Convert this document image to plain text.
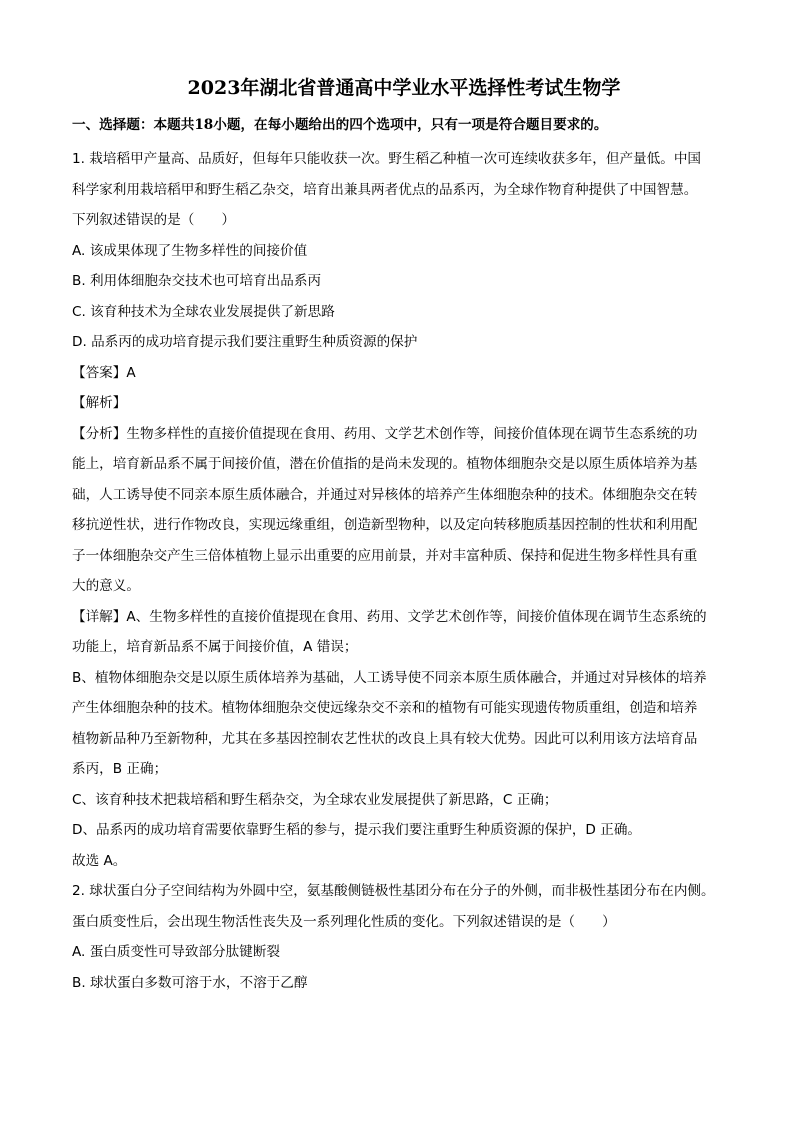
2023年湖北省普通高中学业水平选择性考试生物学
一、选择题：本题共18小题，在每小题给出的四个选项中，只有一项是符合题目要求的。
1. 栽培稻甲产量高、品质好，但每年只能收获一次。野生稻乙种植一次可连续收获多年，但产量低。中国
科学家利用栽培稻甲和野生稻乙杂交，培育出兼具两者优点的品系丙，为全球作物育种提供了中国智慧。
下列叙述错误的是（　　）
A. 该成果体现了生物多样性的间接价值
B. 利用体细胞杂交技术也可培育出品系丙
C. 该育种技术为全球农业发展提供了新思路
D. 品系丙的成功培育提示我们要注重野生种质资源的保护
【答案】A
【解析】
【分析】生物多样性的直接价值提现在食用、药用、文学艺术创作等，间接价值体现在调节生态系统的功
能上，培育新品系不属于间接价值，潜在价值指的是尚未发现的。植物体细胞杂交是以原生质体培养为基
础，人工诱导使不同亲本原生质体融合，并通过对异核体的培养产生体细胞杂种的技术。体细胞杂交在转
移抗逆性状，进行作物改良，实现远缘重组，创造新型物种，以及定向转移胞质基因控制的性状和利用配
子一体细胞杂交产生三倍体植物上显示出重要的应用前景，并对丰富种质、保持和促进生物多样性具有重
大的意义。
【详解】A、生物多样性的直接价值提现在食用、药用、文学艺术创作等，间接价值体现在调节生态系统的
功能上，培育新品系不属于间接价值，A 错误；
B、植物体细胞杂交是以原生质体培养为基础，人工诱导使不同亲本原生质体融合，并通过对异核体的培养
产生体细胞杂种的技术。植物体细胞杂交使远缘杂交不亲和的植物有可能实现遗传物质重组，创造和培养
植物新品种乃至新物种，尤其在多基因控制农艺性状的改良上具有较大优势。因此可以利用该方法培育品
系丙，B 正确；
C、该育种技术把栽培稻和野生稻杂交，为全球农业发展提供了新思路，C 正确；
D、品系丙的成功培育需要依靠野生稻的参与，提示我们要注重野生种质资源的保护，D 正确。
故选 A。
2. 球状蛋白分子空间结构为外圆中空，氨基酸侧链极性基团分布在分子的外侧，而非极性基团分布在内侧。
蛋白质变性后，会出现生物活性丧失及一系列理化性质的变化。下列叙述错误的是（　　）
A. 蛋白质变性可导致部分肽键断裂
B. 球状蛋白多数可溶于水，不溶于乙醇
